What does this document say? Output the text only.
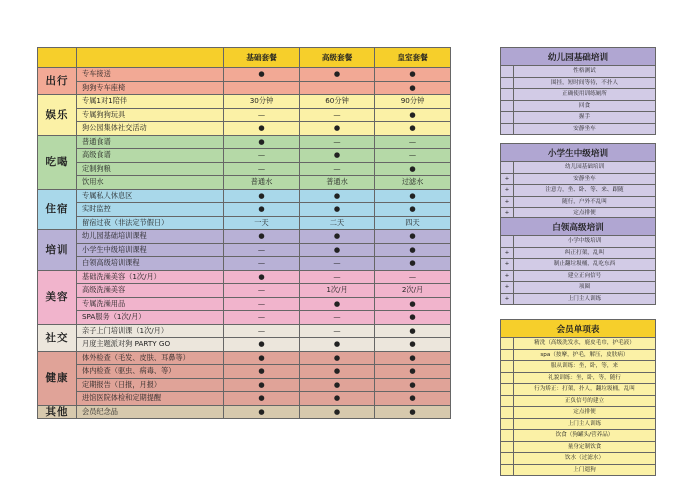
		基础套餐	高级套餐	皇室套餐
出行	专车接送	●	●	●
	狗狗专车座椅			●
娱乐	专属1对1陪伴	30分钟	60分钟	90分钟
	专属狗狗玩具	—	—	●
	狗公园集体社交活动	●	●	●
吃喝	普通食谱	●	—	—
	高级食谱	—	●	—
	定制狗粮	—	—	●
	饮用水	普通水	普通水	过滤水
住宿	专属私人休息区	●	●	●
	实时监控	●	●	●
	留宿过夜（非法定节假日）	一天	二天	四天
培训	幼儿园基础培训课程	●	●	●
	小学生中级培训课程	—	●	●
	白领高级培训课程	—	—	●
美容	基础洗澡美容（1次/月）	●	—	—
	高级洗澡美容	—	1次/月	2次/月
	专属洗澡用品	—	●	●
	SPA服务（1次/月）	—	—	●
社交	亲子上门培训课（1次/月）	—	—	●
	月度主题派对狗 PARTY GO	●	●	●
健康	体外检查（毛发、皮肤、耳鼻等）	●	●	●
	体内检查（驱虫、病毒、等）	●	●	●
	定期报告（日报，月报）	●	●	●
	进馆医院体检和定期提醒	●	●	●
其他	会员纪念品	●	●	●
幼儿园基础培训	
	性格测试
	围挂，短时间等待，不扑人
	正确使用训练厕所
	回食
	握手
	安静坐车
小学生中级培训	
	幼儿园基础培训
+	安静坐车
+	注意力，坐、卧、等、来、跟随
+	随行，户外不乱叫
+	定点排便
白领高级培训	
	小学中级培训
+	纠正打架，乱叫
+	制止翻垃圾桶，乱吃东西
+	建立正向信号
+	项圈
+	上门主人训练
会员单项表	
	精洗（高级洗发水，鹿皮毛巾，护毛液）
	spa（按摩，护毛，解压，皮肤病）
	服从训练：坐，卧，等，来
	礼貌训练：坐，卧，等，随行
	行为矫正：打架，扑人，翻垃圾桶，乱叫
	正负信号的建立
	定点排便
	上门主人训练
	饮食（狗罐头/营养品）
	量身定制饮食
	饮水（过滤水）
	上门遛狗
